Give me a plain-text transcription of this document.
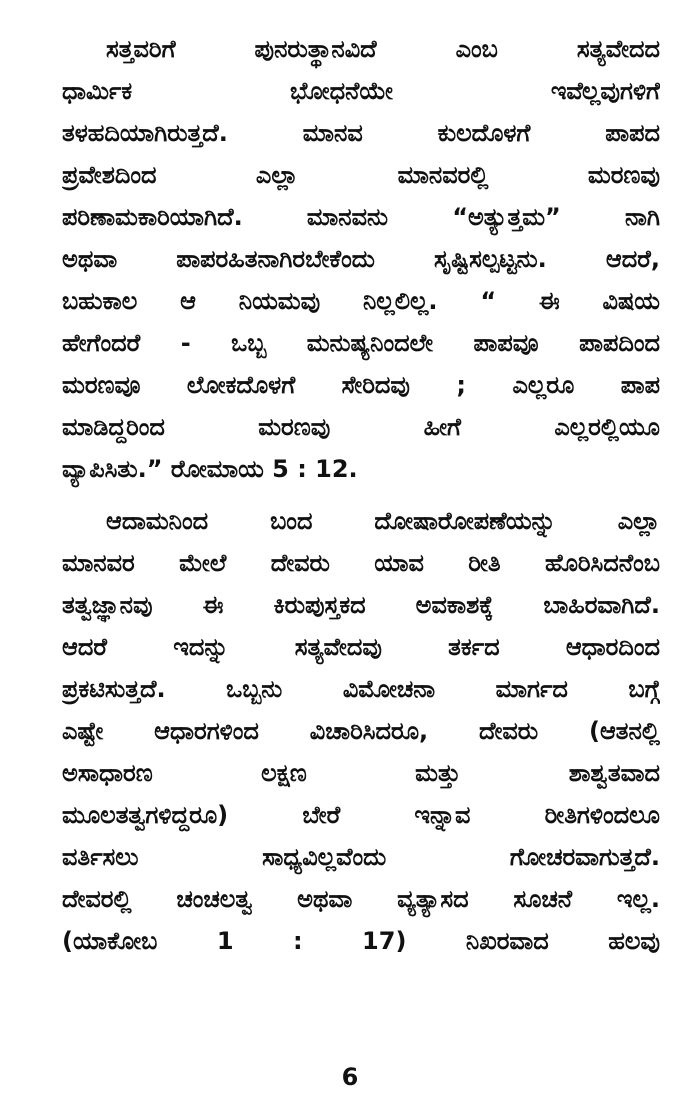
ಸತ್ತವರಿಗೆ ಪುನರುತ್ಥಾನವಿದೆ ಎಂಬ ಸತ್ಯವೇದದ
ಧಾರ್ಮಿಕ ಭೋಧನೆಯೇ ಇವೆಲ್ಲವುಗಳಿಗೆ
ತಳಹದಿಯಾಗಿರುತ್ತದೆ. ಮಾನವ ಕುಲದೊಳಗೆ ಪಾಪದ
ಪ್ರವೇಶದಿಂದ ಎಲ್ಲಾ ಮಾನವರಲ್ಲಿ ಮರಣವು
ಪರಿಣಾಮಕಾರಿಯಾಗಿದೆ. ಮಾನವನು “ಅತ್ಯುತ್ತಮ” ನಾಗಿ
ಅಥವಾ ಪಾಪರಹಿತನಾಗಿರಬೇಕೆಂದು ಸೃಷ್ಟಿಸಲ್ಪಟ್ಟನು. ಆದರೆ,
ಬಹುಕಾಲ ಆ ನಿಯಮವು ನಿಲ್ಲಲಿಲ್ಲ. “ ಈ ವಿಷಯ
ಹೇಗೆಂದರೆ - ಒಬ್ಬ ಮನುಷ್ಯನಿಂದಲೇ ಪಾಪವೂ ಪಾಪದಿಂದ
ಮರಣವೂ ಲೋಕದೊಳಗೆ ಸೇರಿದವು ; ಎಲ್ಲರೂ ಪಾಪ
ಮಾಡಿದ್ದರಿಂದ ಮರಣವು ಹೀಗೆ ಎಲ್ಲರಲ್ಲಿಯೂ
ವ್ಯಾಪಿಸಿತು.” ರೋಮಾಯ 5 : 12.
ಆದಾಮನಿಂದ ಬಂದ ದೋಷಾರೋಪಣೆಯನ್ನು ಎಲ್ಲಾ
ಮಾನವರ ಮೇಲೆ ದೇವರು ಯಾವ ರೀತಿ ಹೊರಿಸಿದನೆಂಬ
ತತ್ವಜ್ಞಾನವು ಈ ಕಿರುಪುಸ್ತಕದ ಅವಕಾಶಕ್ಕೆ ಬಾಹಿರವಾಗಿದೆ.
ಆದರೆ ಇದನ್ನು ಸತ್ಯವೇದವು ತರ್ಕದ ಆಧಾರದಿಂದ
ಪ್ರಕಟಿಸುತ್ತದೆ. ಒಬ್ಬನು ವಿಮೋಚನಾ ಮಾರ್ಗದ ಬಗ್ಗೆ
ಎಷ್ಟೇ ಆಧಾರಗಳಿಂದ ವಿಚಾರಿಸಿದರೂ, ದೇವರು (ಆತನಲ್ಲಿ
ಅಸಾಧಾರಣ ಲಕ್ಷಣ ಮತ್ತು ಶಾಶ್ವತವಾದ
ಮೂಲತತ್ವಗಳಿದ್ದರೂ) ಬೇರೆ ಇನ್ನಾವ ರೀತಿಗಳಿಂದಲೂ
ವರ್ತಿಸಲು ಸಾಧ್ಯವಿಲ್ಲವೆಂದು ಗೋಚರವಾಗುತ್ತದೆ.
ದೇವರಲ್ಲಿ ಚಂಚಲತ್ವ ಅಥವಾ ವ್ಯತ್ಯಾಸದ ಸೂಚನೆ ಇಲ್ಲ.
(ಯಾಕೋಬ 1 : 17) ನಿಖರವಾದ ಹಲವು
6
